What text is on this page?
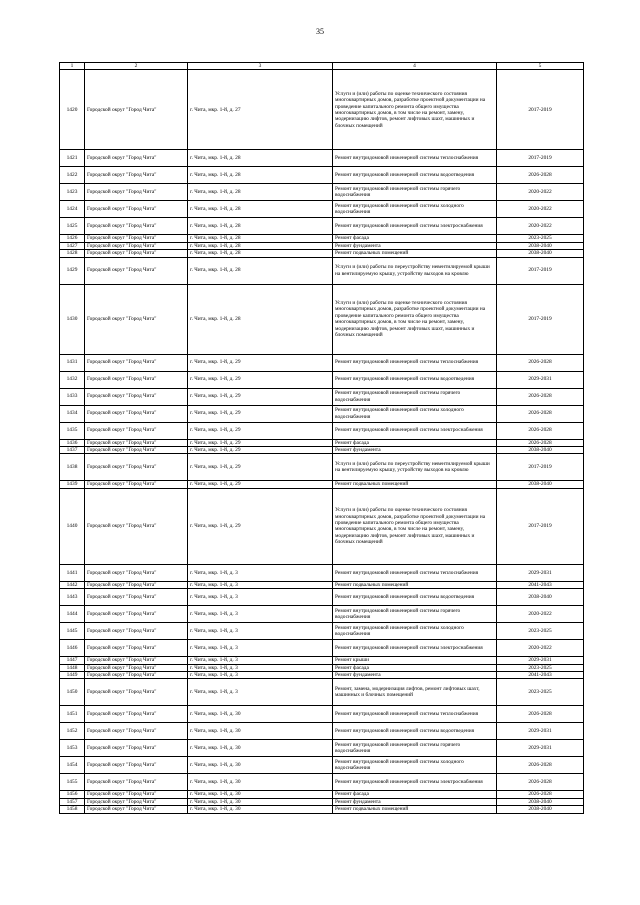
35
1	2	3	4	5
1420	Городской округ "Город Чита"	г. Чита, мкр. 1-й, д. 27	Услуги и (или) работы по оценке технического состояния многоквартирных домов, разработке проектной документации на проведение капитального ремонта общего имущества многоквартирных домов, в том числе на ремонт, замену, модернизацию лифтов, ремонт лифтовых шахт, машинных и блочных помещений	2017-2019
1421	Городской округ "Город Чита"	г. Чита, мкр. 1-й, д. 28	Ремонт внутридомовой инженерной системы теплоснабжения	2017-2019
1422	Городской округ "Город Чита"	г. Чита, мкр. 1-й, д. 28	Ремонт внутридомовой инженерной системы водоотведения	2026-2028
1423	Городской округ "Город Чита"	г. Чита, мкр. 1-й, д. 28	Ремонт внутридомовой инженерной системы горячего водоснабжения	2020-2022
1424	Городской округ "Город Чита"	г. Чита, мкр. 1-й, д. 28	Ремонт внутридомовой инженерной системы холодного водоснабжения	2020-2022
1425	Городской округ "Город Чита"	г. Чита, мкр. 1-й, д. 28	Ремонт внутридомовой инженерной системы электроснабжения	2020-2022
1426	Городской округ "Город Чита"	г. Чита, мкр. 1-й, д. 28	Ремонт фасада	2023-2025
1427	Городской округ "Город Чита"	г. Чита, мкр. 1-й, д. 28	Ремонт фундамента	2038-2040
1428	Городской округ "Город Чита"	г. Чита, мкр. 1-й, д. 28	Ремонт подвальных помещений	2038-2040
1429	Городской округ "Город Чита"	г. Чита, мкр. 1-й, д. 28	Услуги и (или) работы по переустройству невентилируемой крыши на вентилируемую крышу, устройству выходов на кровлю	2017-2019
1430	Городской округ "Город Чита"	г. Чита, мкр. 1-й, д. 28	Услуги и (или) работы по оценке технического состояния многоквартирных домов, разработке проектной документации на проведение капитального ремонта общего имущества многоквартирных домов, в том числе на ремонт, замену, модернизацию лифтов, ремонт лифтовых шахт, машинных и блочных помещений	2017-2019
1431	Городской округ "Город Чита"	г. Чита, мкр. 1-й, д. 29	Ремонт внутридомовой инженерной системы теплоснабжения	2026-2028
1432	Городской округ "Город Чита"	г. Чита, мкр. 1-й, д. 29	Ремонт внутридомовой инженерной системы водоотведения	2029-2031
1433	Городской округ "Город Чита"	г. Чита, мкр. 1-й, д. 29	Ремонт внутридомовой инженерной системы горячего водоснабжения	2026-2028
1434	Городской округ "Город Чита"	г. Чита, мкр. 1-й, д. 29	Ремонт внутридомовой инженерной системы холодного водоснабжения	2026-2028
1435	Городской округ "Город Чита"	г. Чита, мкр. 1-й, д. 29	Ремонт внутридомовой инженерной системы электроснабжения	2026-2028
1436	Городской округ "Город Чита"	г. Чита, мкр. 1-й, д. 29	Ремонт фасада	2026-2028
1437	Городской округ "Город Чита"	г. Чита, мкр. 1-й, д. 29	Ремонт фундамента	2038-2040
1438	Городской округ "Город Чита"	г. Чита, мкр. 1-й, д. 29	Услуги и (или) работы по переустройству невентилируемой крыши на вентилируемую крышу, устройству выходов на кровлю	2017-2019
1439	Городской округ "Город Чита"	г. Чита, мкр. 1-й, д. 29	Ремонт подвальных помещений	2038-2040
1440	Городской округ "Город Чита"	г. Чита, мкр. 1-й, д. 29	Услуги и (или) работы по оценке технического состояния многоквартирных домов, разработке проектной документации на проведение капитального ремонта общего имущества многоквартирных домов, в том числе на ремонт, замену, модернизацию лифтов, ремонт лифтовых шахт, машинных и блочных помещений	2017-2019
1441	Городской округ "Город Чита"	г. Чита, мкр. 1-й, д. 3	Ремонт внутридомовой инженерной системы теплоснабжения	2029-2031
1442	Городской округ "Город Чита"	г. Чита, мкр. 1-й, д. 3	Ремонт подвальных помещений	2041-2043
1443	Городской округ "Город Чита"	г. Чита, мкр. 1-й, д. 3	Ремонт внутридомовой инженерной системы водоотведения	2038-2040
1444	Городской округ "Город Чита"	г. Чита, мкр. 1-й, д. 3	Ремонт внутридомовой инженерной системы горячего водоснабжения	2020-2022
1445	Городской округ "Город Чита"	г. Чита, мкр. 1-й, д. 3	Ремонт внутридомовой инженерной системы холодного водоснабжения	2023-2025
1446	Городской округ "Город Чита"	г. Чита, мкр. 1-й, д. 3	Ремонт внутридомовой инженерной системы электроснабжения	2020-2022
1447	Городской округ "Город Чита"	г. Чита, мкр. 1-й, д. 3	Ремонт крыши	2029-2031
1448	Городской округ "Город Чита"	г. Чита, мкр. 1-й, д. 3	Ремонт фасада	2023-2025
1449	Городской округ "Город Чита"	г. Чита, мкр. 1-й, д. 3	Ремонт фундамента	2041-2043
1450	Городской округ "Город Чита"	г. Чита, мкр. 1-й, д. 3	Ремонт, замена, модернизация лифтов, ремонт лифтовых шахт, машинных и блочных помещений	2023-2025
1451	Городской округ "Город Чита"	г. Чита, мкр. 1-й, д. 30	Ремонт внутридомовой инженерной системы теплоснабжения	2026-2028
1452	Городской округ "Город Чита"	г. Чита, мкр. 1-й, д. 30	Ремонт внутридомовой инженерной системы водоотведения	2029-2031
1453	Городской округ "Город Чита"	г. Чита, мкр. 1-й, д. 30	Ремонт внутридомовой инженерной системы горячего водоснабжения	2029-2031
1454	Городской округ "Город Чита"	г. Чита, мкр. 1-й, д. 30	Ремонт внутридомовой инженерной системы холодного водоснабжения	2026-2028
1455	Городской округ "Город Чита"	г. Чита, мкр. 1-й, д. 30	Ремонт внутридомовой инженерной системы электроснабжения	2026-2028
1456	Городской округ "Город Чита"	г. Чита, мкр. 1-й, д. 30	Ремонт фасада	2026-2028
1457	Городской округ "Город Чита"	г. Чита, мкр. 1-й, д. 30	Ремонт фундамента	2038-2040
1458	Городской округ "Город Чита"	г. Чита, мкр. 1-й, д. 30	Ремонт подвальных помещений	2038-2040
